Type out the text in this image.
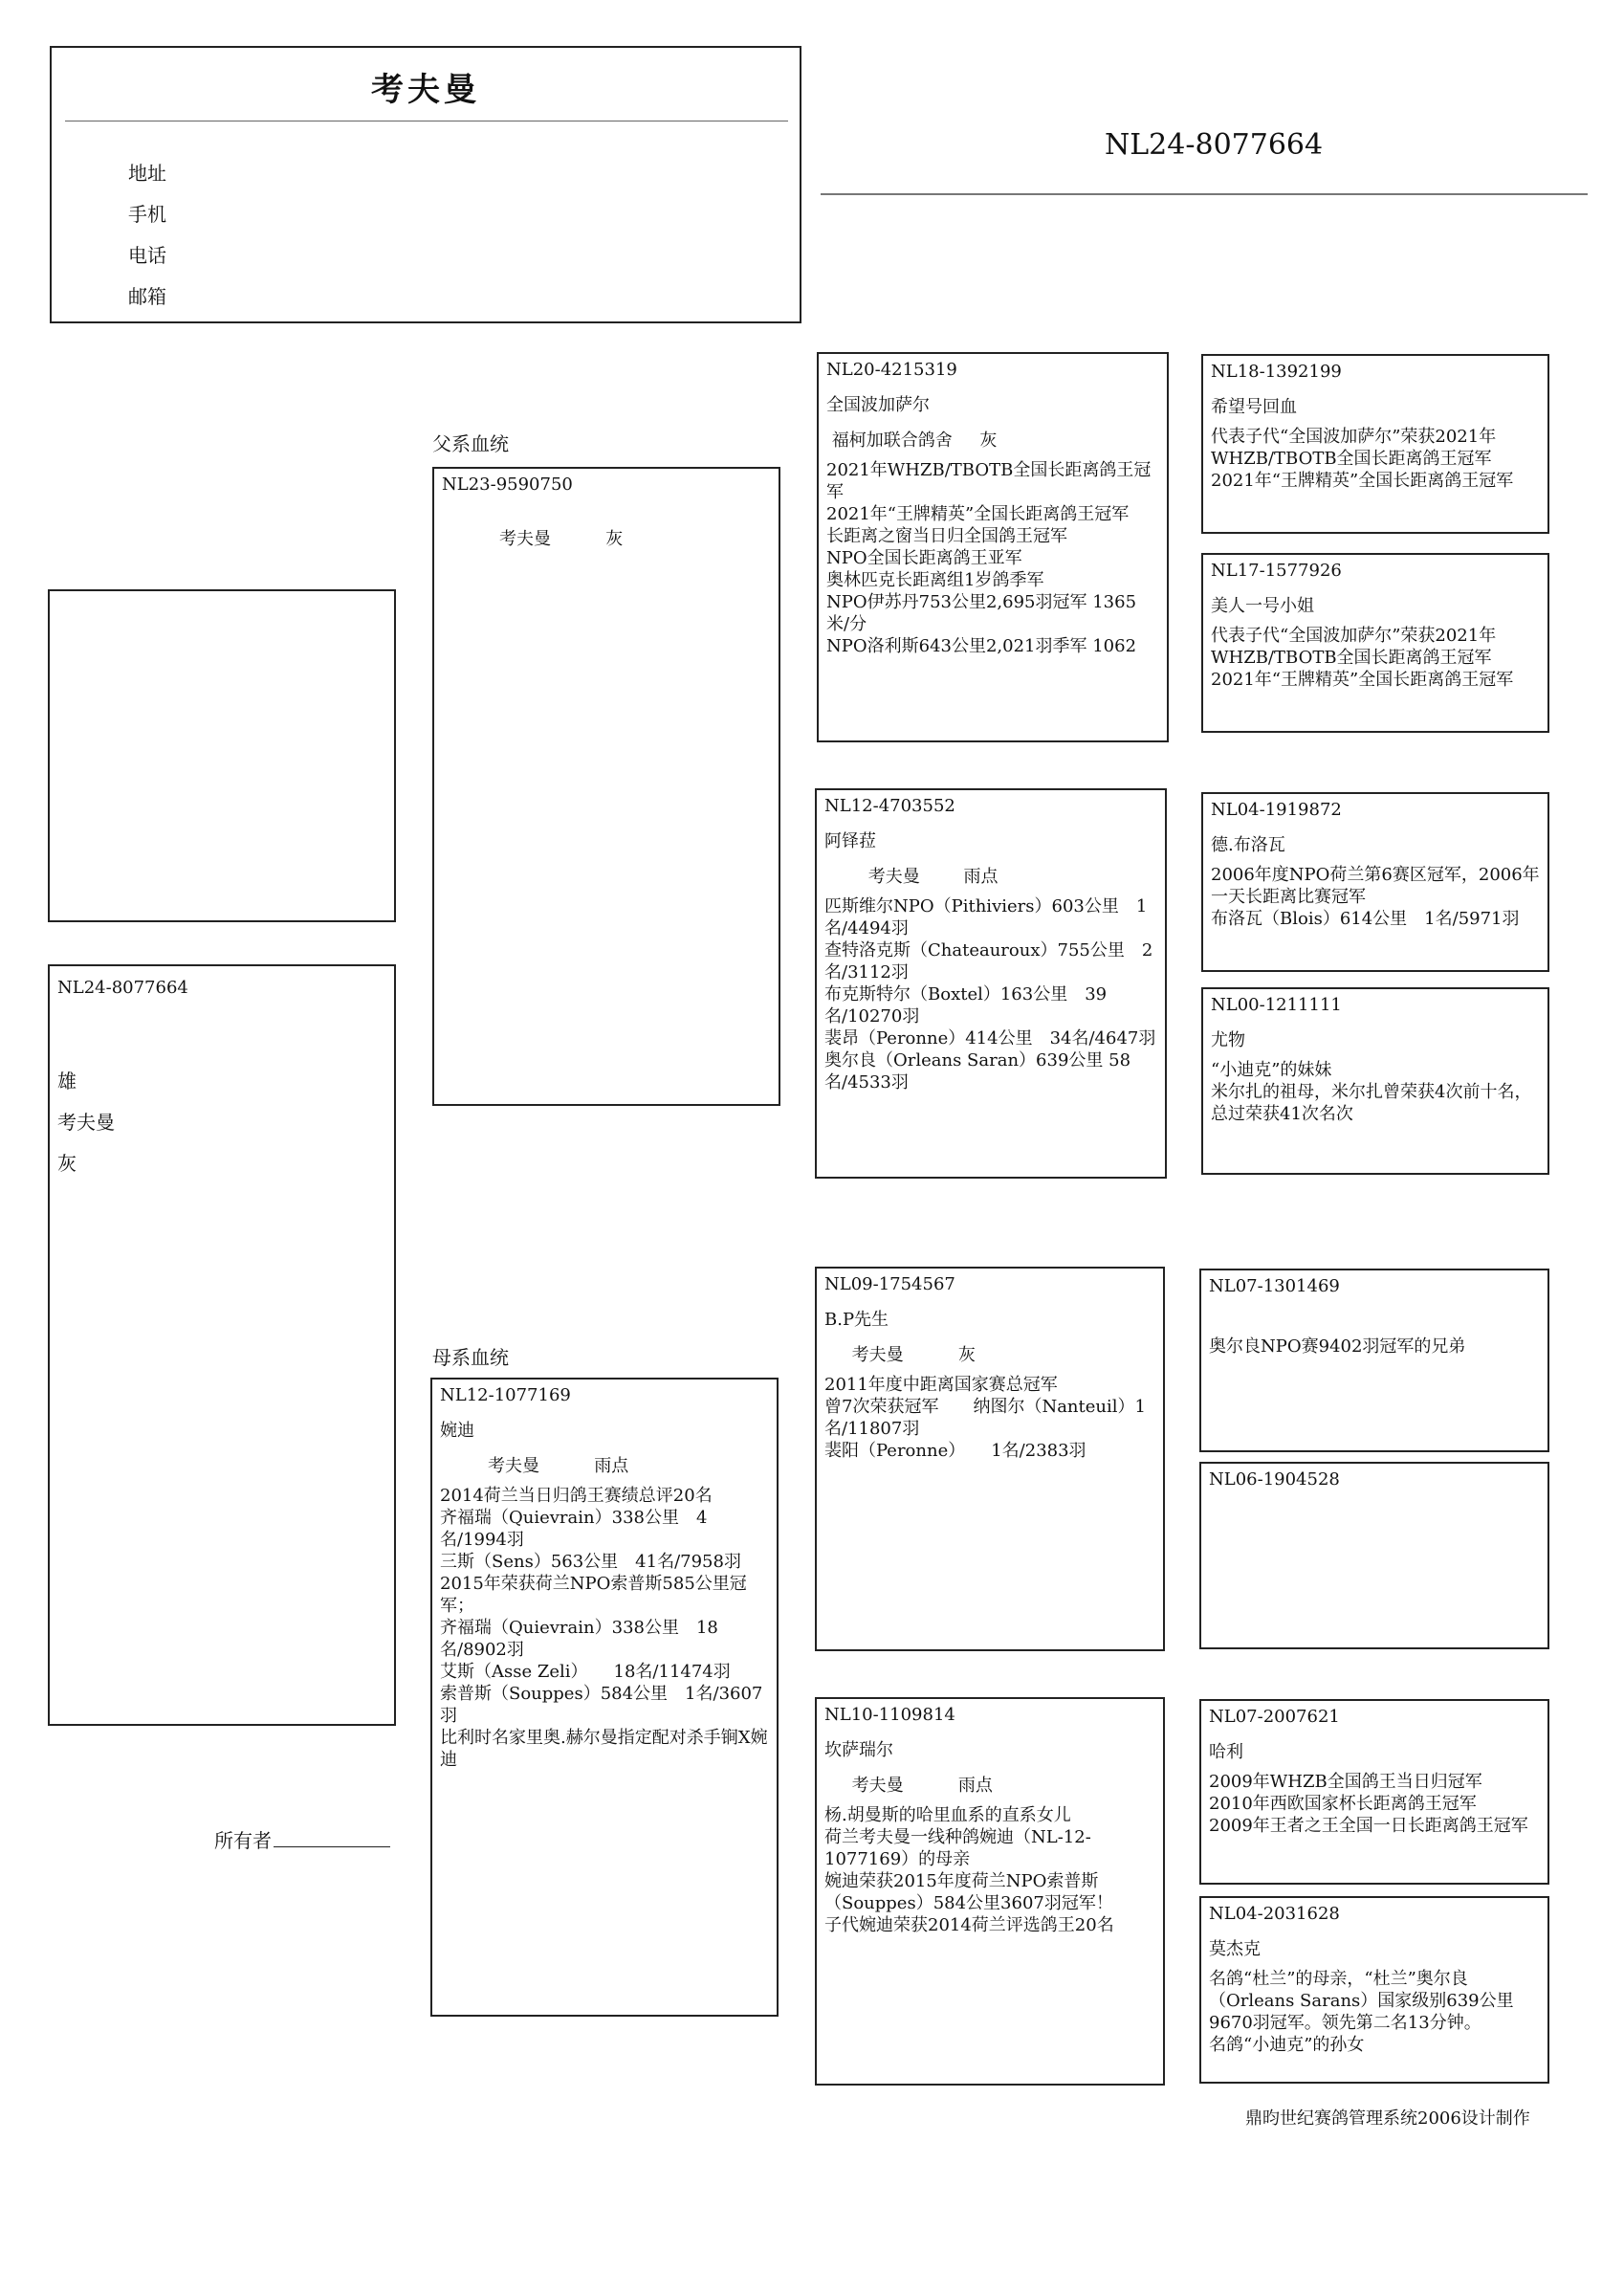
考夫曼
地址
手机
电话
邮箱
NL24-8077664
NL24-8077664
雄
考夫曼
灰
所有者
父系血统
母系血统
NL23-9590750
考夫曼          灰
NL12-1077169
婉迪
考夫曼          雨点
2014荷兰当日归鸽王赛绩总评20名
齐福瑞（Quievrain）338公里　4名/1994羽
三斯（Sens）563公里　41名/7958羽
2015年荣获荷兰NPO索普斯585公里冠军；
齐福瑞（Quievrain）338公里　18名/8902羽
艾斯（Asse Zeli）　　18名/11474羽
索普斯（Souppes）584公里　1名/3607羽
比利时名家里奥.赫尔曼指定配对杀手锏X婉迪
NL20-4215319
全国波加萨尔
福柯加联合鸽舍     灰
2021年WHZB/TBOTB全国长距离鸽王冠军
2021年“王牌精英”全国长距离鸽王冠军
长距离之窗当日归全国鸽王冠军
NPO全国长距离鸽王亚军
奥林匹克长距离组1岁鸽季军
NPO伊苏丹753公里2,695羽冠军 1365米/分
NPO洛利斯643公里2,021羽季军 1062
NL12-4703552
阿铎菈
考夫曼        雨点
匹斯维尔NPO（Pithiviers）603公里　1名/4494羽
查特洛克斯（Chateauroux）755公里　2名/3112羽
布克斯特尔（Boxtel）163公里　39名/10270羽
裴昂（Peronne）414公里　34名/4647羽
奥尔良（Orleans Saran）639公里 58名/4533羽
NL09-1754567
B.P先生
考夫曼          灰
2011年度中距离国家赛总冠军
曾7次荣获冠军　　纳图尔（Nanteuil）1名/11807羽
裴阳（Peronne）　　1名/2383羽
NL10-1109814
坎萨瑞尔
考夫曼          雨点
杨.胡曼斯的哈里血系的直系女儿
荷兰考夫曼一线种鸽婉迪（NL-12-1077169）的母亲
婉迪荣获2015年度荷兰NPO索普斯（Souppes）584公里3607羽冠军！
子代婉迪荣获2014荷兰评选鸽王20名
NL18-1392199
希望号回血
代表子代“全国波加萨尔”荣获2021年WHZB/TBOTB全国长距离鸽王冠军
2021年“王牌精英”全国长距离鸽王冠军
NL17-1577926
美人一号小姐
代表子代“全国波加萨尔”荣获2021年WHZB/TBOTB全国长距离鸽王冠军
2021年“王牌精英”全国长距离鸽王冠军
NL04-1919872
德.布洛瓦
2006年度NPO荷兰第6赛区冠军，2006年一天长距离比赛冠军
布洛瓦（Blois）614公里　1名/5971羽
NL00-1211111
尤物
“小迪克”的妹妹
米尔扎的祖母，米尔扎曾荣获4次前十名，总过荣获41次名次
NL07-1301469
奥尔良NPO赛9402羽冠军的兄弟
NL06-1904528
NL07-2007621
哈利
2009年WHZB全国鸽王当日归冠军
2010年西欧国家杯长距离鸽王冠军
2009年王者之王全国一日长距离鸽王冠军
NL04-2031628
莫杰克
名鸽“杜兰”的母亲，“杜兰”奥尔良（Orleans Sarans）国家级别639公里9670羽冠军。领先第二名13分钟。
名鸽“小迪克”的孙女
鼎昀世纪赛鸽管理系统2006设计制作
